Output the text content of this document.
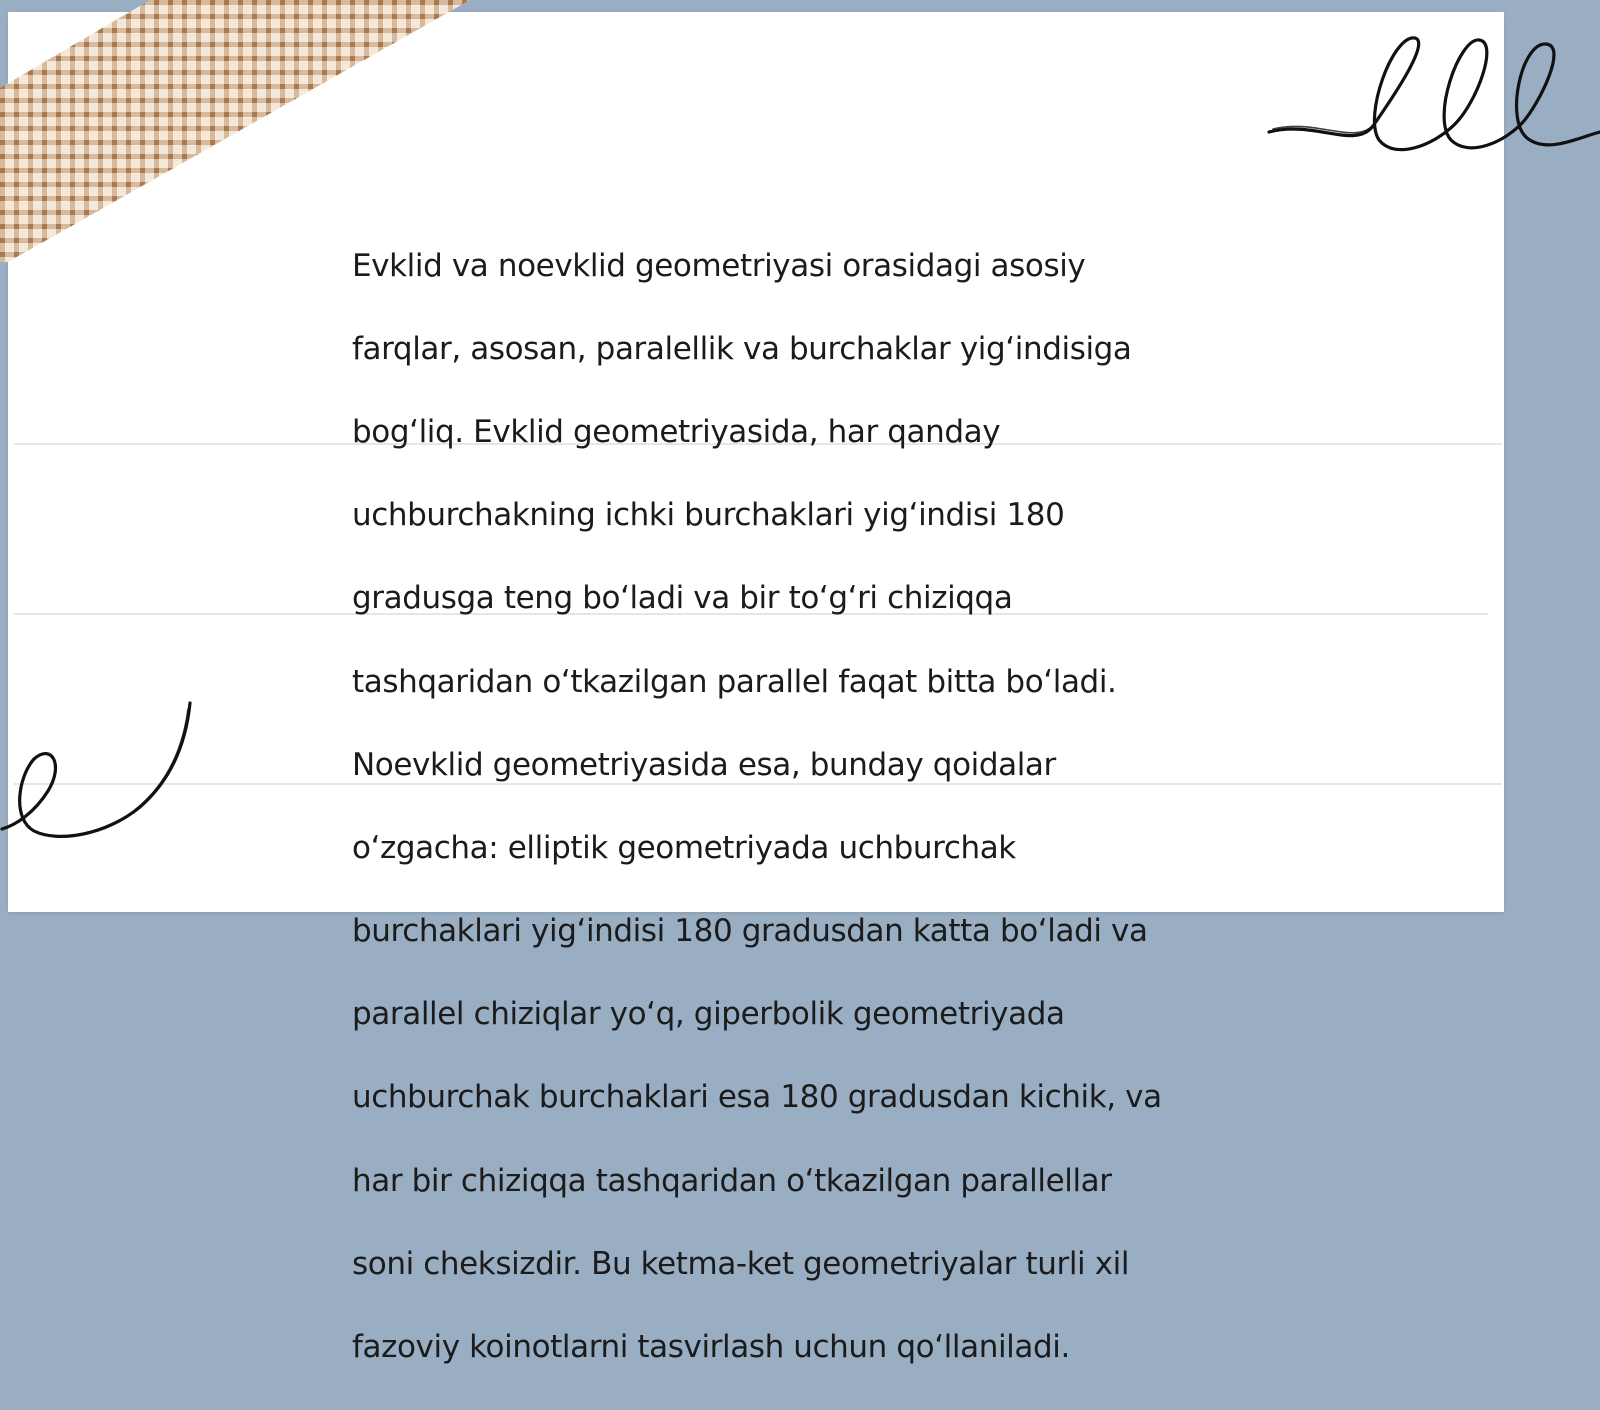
Evklid va noevklid geometriyasi orasidagi asosiy

farqlar, asosan, paralellik va burchaklar yig‘indisiga

bog‘liq. Evklid geometriyasida, har qanday

uchburchakning ichki burchaklari yig‘indisi 180

gradusga teng bo‘ladi va bir to‘g‘ri chiziqqa

tashqaridan o‘tkazilgan parallel faqat bitta bo‘ladi.

Noevklid geometriyasida esa, bunday qoidalar

o‘zgacha: elliptik geometriyada uchburchak

burchaklari yig‘indisi 180 gradusdan katta bo‘ladi va

parallel chiziqlar yo‘q, giperbolik geometriyada

uchburchak burchaklari esa 180 gradusdan kichik, va

har bir chiziqqa tashqaridan o‘tkazilgan parallellar

soni cheksizdir. Bu ketma-ket geometriyalar turli xil

fazoviy koinotlarni tasvirlash uchun qo‘llaniladi.
